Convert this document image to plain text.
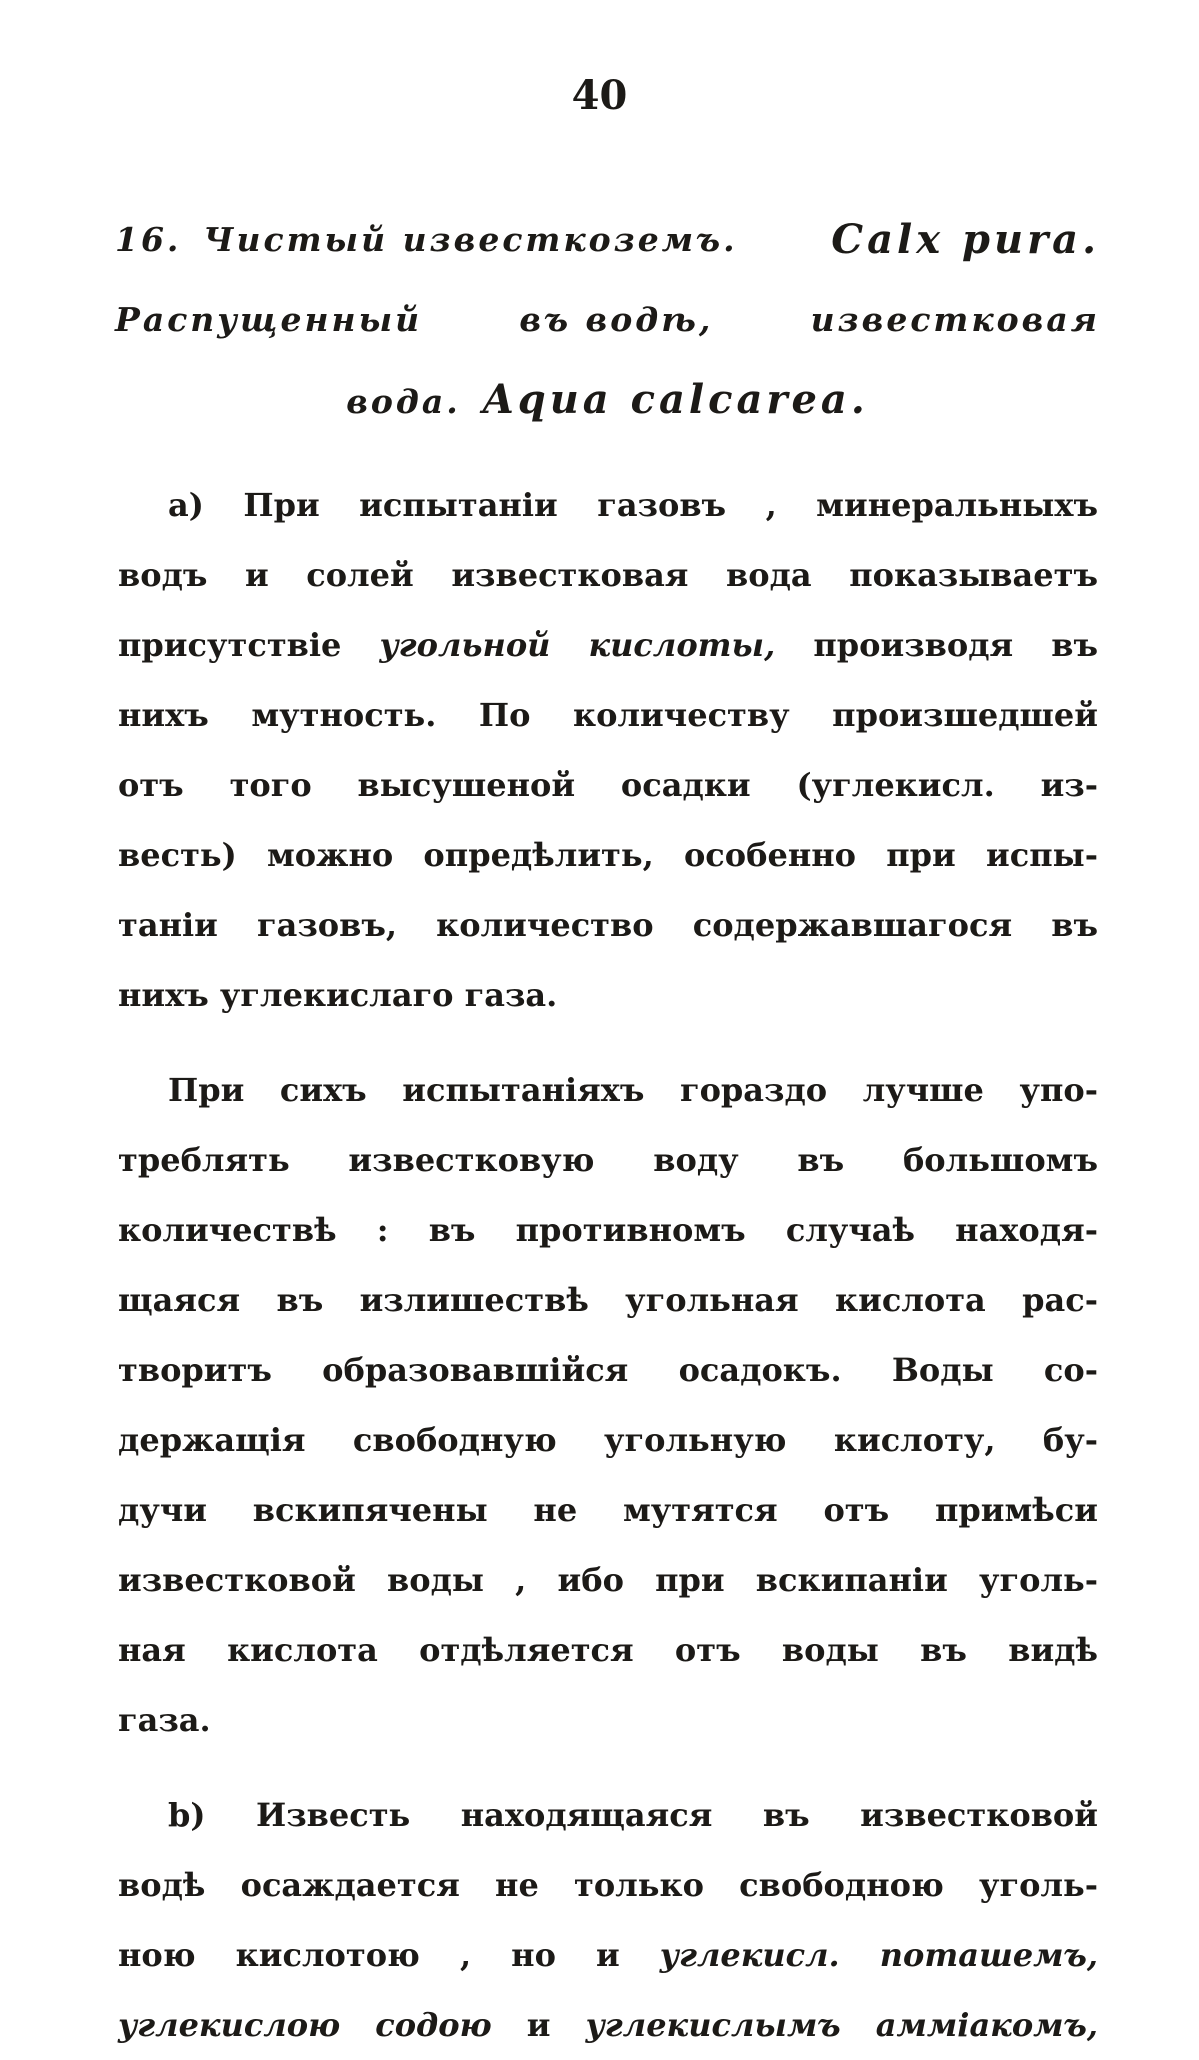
40
16. Чистый известкоземъ. Calx pura.
Распущенный	въ водѣ,	известковая
вода. Aqua calcarea.
а) При испытаніи газовъ , минеральныхъ
водъ и солей известковая вода показываетъ
присутствіе угольной кислоты, производя въ
нихъ мутность. По количеству произшедшей
отъ того высушеной осадки (углекисл. из-
весть) можно опредѣлить, особенно при испы-
таніи газовъ, количество содержавшагося въ
нихъ углекислаго газа.
При сихъ испытаніяхъ гораздо лучше упо-
треблять известковую воду въ большомъ
количествѣ : въ противномъ случаѣ находя-
щаяся въ излишествѣ угольная кислота рас-
творитъ образовавшійся осадокъ. Воды со-
держащія свободную угольную кислоту, бу-
дучи вскипячены не мутятся отъ примѣси
известковой воды , ибо при вскипаніи уголь-
ная кислота отдѣляется отъ воды въ видѣ
газа.
b) Известь находящаяся въ известковой
водѣ осаждается не только свободною уголь-
ною кислотою , но и углекисл. поташемъ,
углекислою содою и углекислымъ аммiакомъ,
